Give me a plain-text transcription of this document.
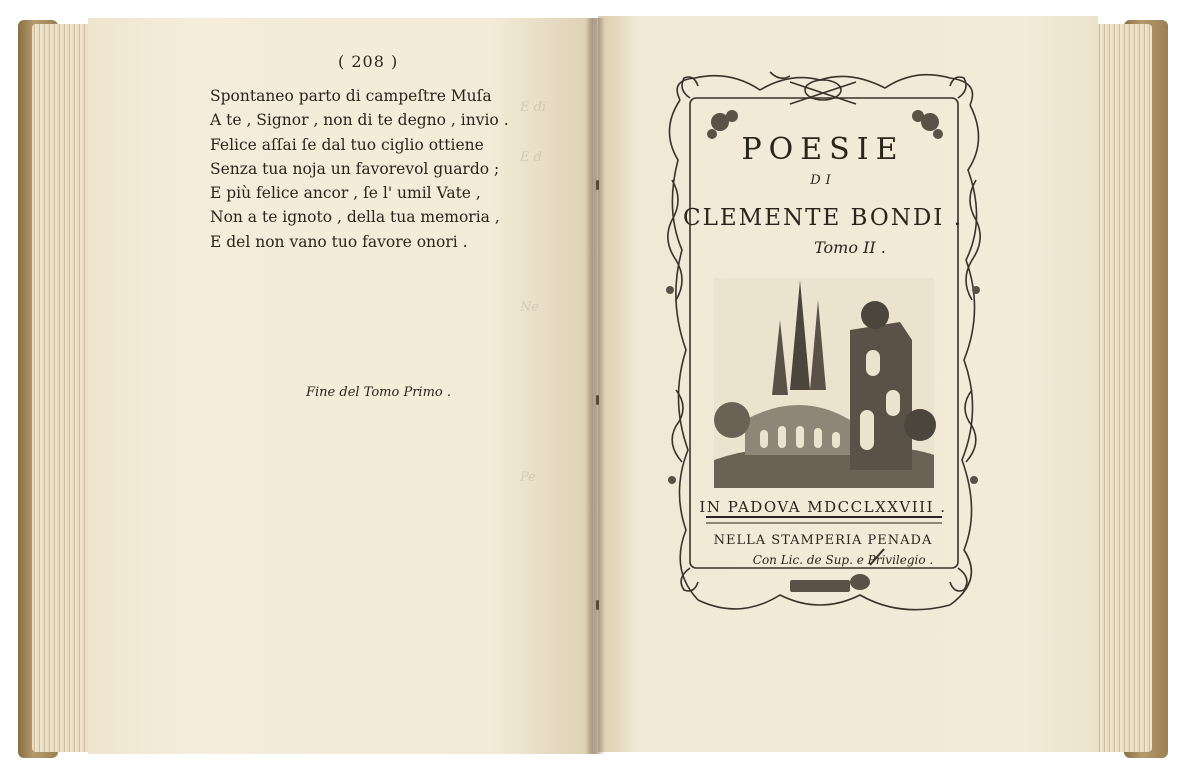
E di
E d
Ne
Pe
( 208 )
Spontaneo parto di campeſtre Muſa
A te , Signor , non di te degno , invio .
Felice aſſai ſe dal tuo ciglio ottiene
Senza tua noja un favorevol guardo ;
E più felice ancor , ſe l' umil Vate ,
Non a te ignoto , della tua memoria ,
E del non vano tuo favore onori .
Fine del Tomo Primo .
POESIE
DI
CLEMENTE BONDI .
Tomo II .
IN PADOVA MDCCLXXVIII .
NELLA STAMPERIA PENADA
Con Lic. de Sup. e Privilegio .
